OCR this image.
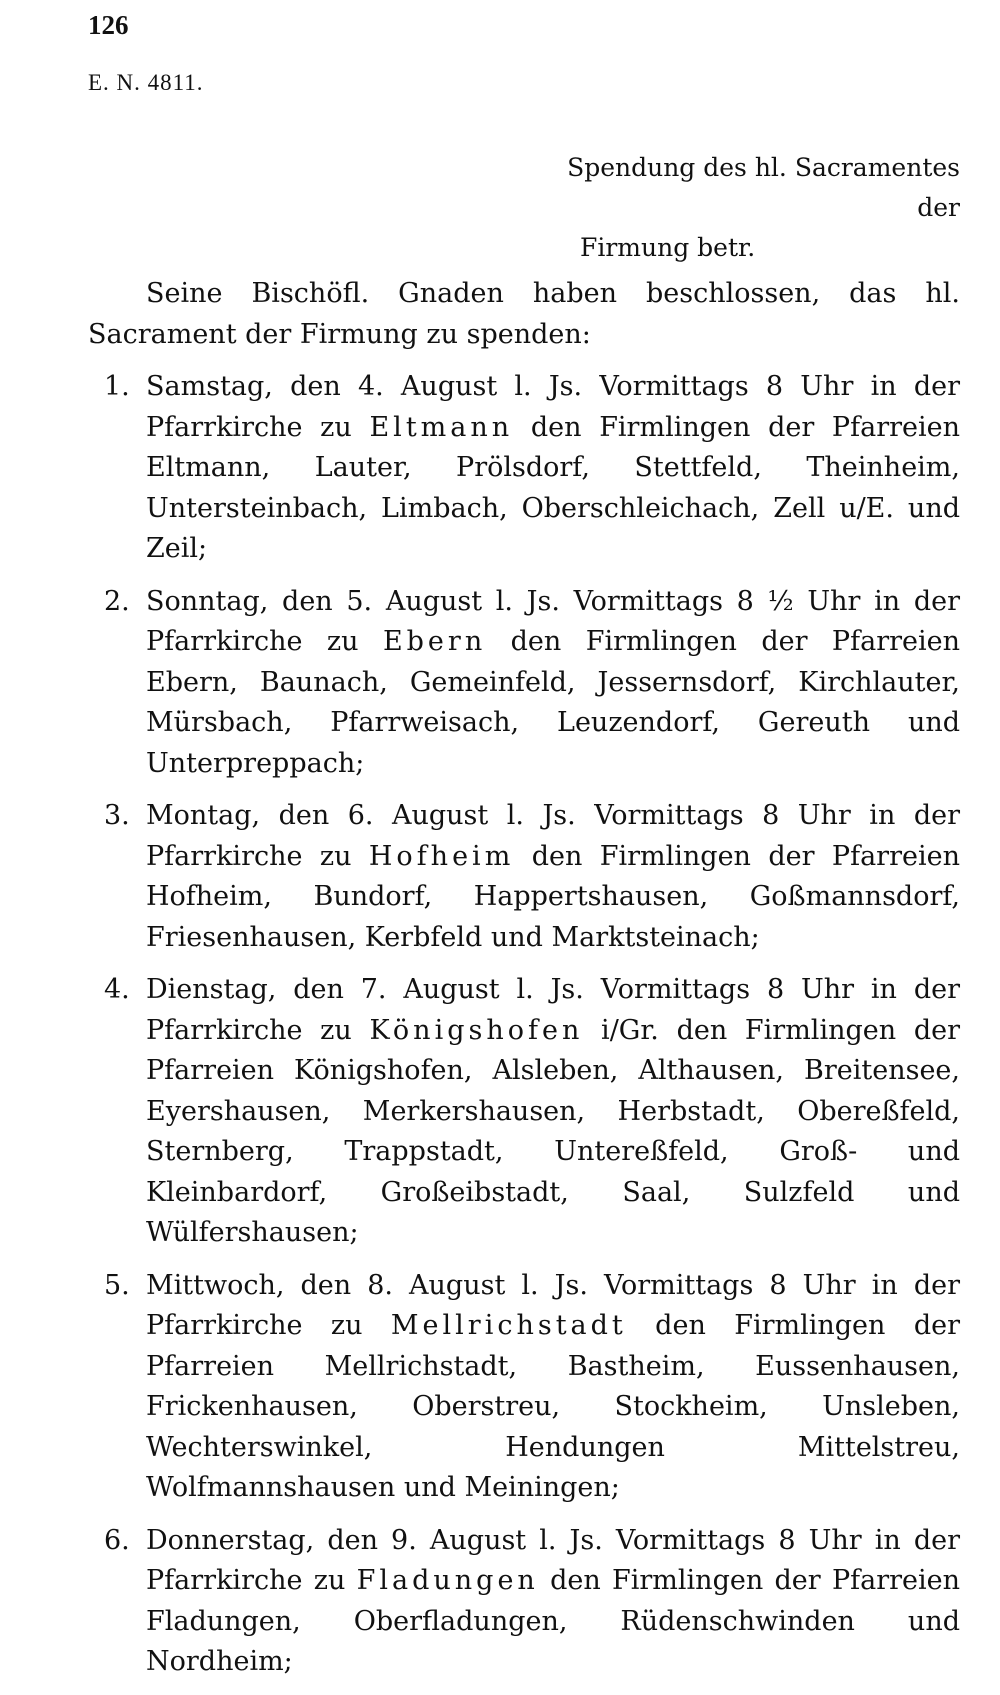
126
E. N. 4811.
Spendung des hl. Sacramentes der
Firmung betr.

Seine Bischöfl. Gnaden haben beschlossen, das hl. Sacrament der Firmung zu spenden:

1. Samstag, den 4. August l. Js. Vormittags 8 Uhr in der Pfarrkirche zu Eltmann den Firmlingen der Pfarreien Eltmann, Lauter, Prölsdorf, Stettfeld, Theinheim, Untersteinbach, Limbach, Oberschleichach, Zell u/E. und Zeil;
2. Sonntag, den 5. August l. Js. Vormittags 8 ½ Uhr in der Pfarrkirche zu Ebern den Firmlingen der Pfarreien Ebern, Baunach, Gemeinfeld, Jessernsdorf, Kirchlauter, Mürsbach, Pfarrweisach, Leuzendorf, Gereuth und Unterpreppach;
3. Montag, den 6. August l. Js. Vormittags 8 Uhr in der Pfarrkirche zu Hofheim den Firmlingen der Pfarreien Hofheim, Bundorf, Happertshausen, Goßmannsdorf, Friesenhausen, Kerbfeld und Marktsteinach;
4. Dienstag, den 7. August l. Js. Vormittags 8 Uhr in der Pfarrkirche zu Königshofen i/Gr. den Firmlingen der Pfarreien Königshofen, Alsleben, Althausen, Breitensee, Eyershausen, Merkershausen, Herbstadt, Obereßfeld, Sternberg, Trappstadt, Untereßfeld, Groß- und Kleinbardorf, Großeibstadt, Saal, Sulzfeld und Wülfershausen;
5. Mittwoch, den 8. August l. Js. Vormittags 8 Uhr in der Pfarrkirche zu Mellrichstadt den Firmlingen der Pfarreien Mellrichstadt, Bastheim, Eussenhausen, Frickenhausen, Oberstreu, Stockheim, Unsleben, Wechterswinkel, Hendungen Mittelstreu, Wolfmannshausen und Meiningen;
6. Donnerstag, den 9. August l. Js. Vormittags 8 Uhr in der Pfarrkirche zu Fladungen den Firmlingen der Pfarreien Fladungen, Oberfladungen, Rüdenschwinden und Nordheim;
